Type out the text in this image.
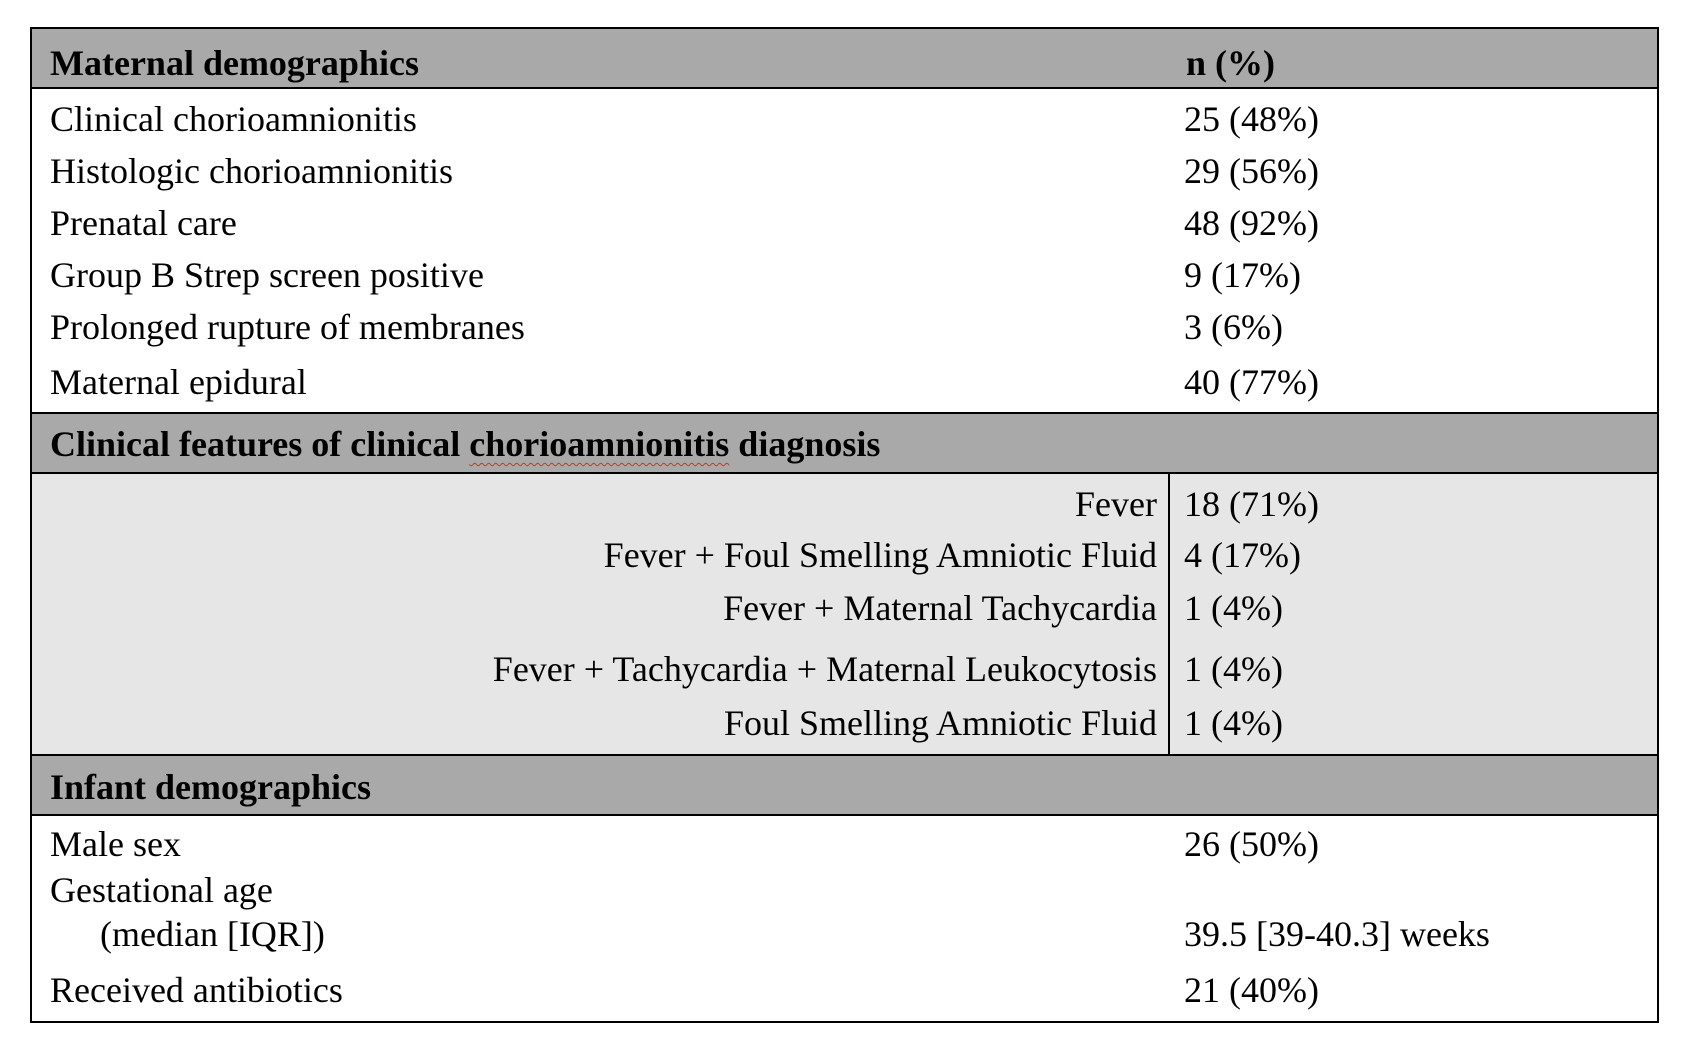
Maternal demographics	n (%)
Clinical chorioamnionitis	25 (48%)
Histologic chorioamnionitis	29 (56%)
Prenatal care	48 (92%)
Group B Strep screen positive	9 (17%)
Prolonged rupture of membranes	3 (6%)
Maternal epidural	40 (77%)
Clinical features of clinical chorioamnionitis diagnosis
Fever 18 (71%)
Fever + Foul Smelling Amniotic Fluid 4 (17%)
Fever + Maternal Tachycardia 1 (4%)
Fever + Tachycardia + Maternal Leukocytosis 1 (4%)
Foul Smelling Amniotic Fluid 1 (4%)
Infant demographics
Male sex	26 (50%)
Gestational age
(median [IQR])	39.5 [39-40.3] weeks
Received antibiotics	21 (40%)
